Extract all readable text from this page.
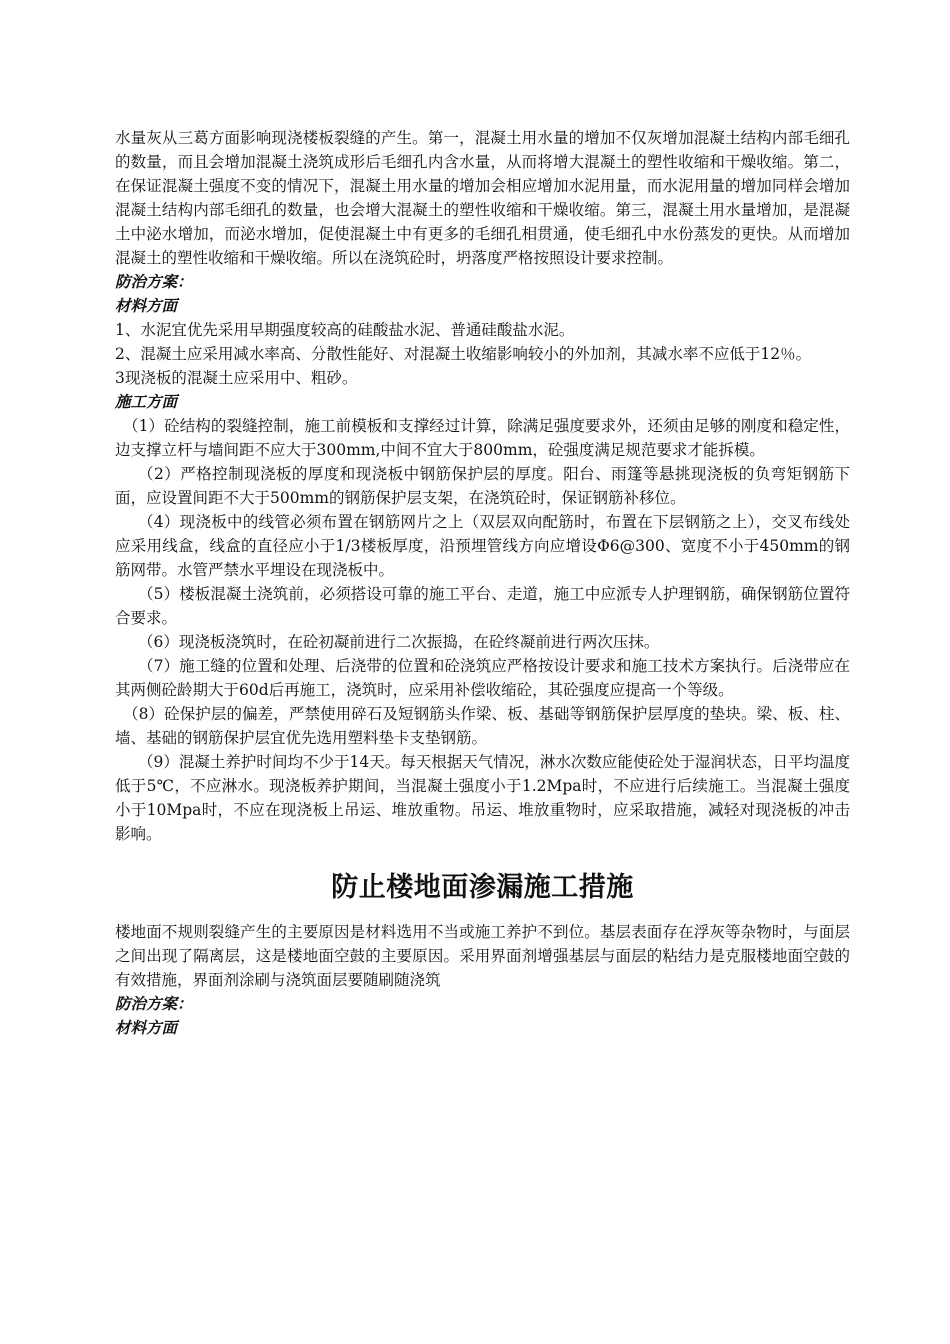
水量灰从三葛方面影响现浇楼板裂缝的产生。第一，混凝土用水量的增加不仅灰增加混凝土结构内部毛细孔的数量，而且会增加混凝土浇筑成形后毛细孔内含水量，从而将增大混凝土的塑性收缩和干燥收缩。第二，在保证混凝土强度不变的情况下，混凝土用水量的增加会相应增加水泥用量，而水泥用量的增加同样会增加混凝土结构内部毛细孔的数量，也会增大混凝土的塑性收缩和干燥收缩。第三，混凝土用水量增加，是混凝土中泌水增加，而泌水增加，促使混凝土中有更多的毛细孔相贯通，使毛细孔中水份蒸发的更快。从而增加混凝土的塑性收缩和干燥收缩。所以在浇筑砼时，坍落度严格按照设计要求控制。

防治方案：
材料方面

1、水泥宜优先采用早期强度较高的硅酸盐水泥、普通硅酸盐水泥。

2、混凝土应采用减水率高、分散性能好、对混凝土收缩影响较小的外加剂，其减水率不应低于12％。

3现浇板的混凝土应采用中、粗砂。

施工方面

（1）砼结构的裂缝控制，施工前模板和支撑经过计算，除满足强度要求外，还须由足够的刚度和稳定性，边支撑立杆与墙间距不应大于300mm,中间不宜大于800mm，砼强度满足规范要求才能拆模。

（2）严格控制现浇板的厚度和现浇板中钢筋保护层的厚度。阳台、雨篷等悬挑现浇板的负弯矩钢筋下面，应设置间距不大于500mm的钢筋保护层支架，在浇筑砼时，保证钢筋补移位。

（4）现浇板中的线管必须布置在钢筋网片之上（双层双向配筋时，布置在下层钢筋之上），交叉布线处应采用线盒，线盒的直径应小于1/3楼板厚度，沿预埋管线方向应增设Φ6@300、宽度不小于450mm的钢筋网带。水管严禁水平埋设在现浇板中。

（5）楼板混凝土浇筑前，必须搭设可靠的施工平台、走道，施工中应派专人护理钢筋，确保钢筋位置符合要求。

（6）现浇板浇筑时，在砼初凝前进行二次振捣，在砼终凝前进行两次压抹。

（7）施工缝的位置和处理、后浇带的位置和砼浇筑应严格按设计要求和施工技术方案执行。后浇带应在其两侧砼龄期大于60d后再施工，浇筑时，应采用补偿收缩砼，其砼强度应提高一个等级。

（8）砼保护层的偏差，严禁使用碎石及短钢筋头作梁、板、基础等钢筋保护层厚度的垫块。梁、板、柱、墙、基础的钢筋保护层宜优先选用塑料垫卡支垫钢筋。

（9）混凝土养护时间均不少于14天。每天根据天气情况，淋水次数应能使砼处于湿润状态，日平均温度低于5℃，不应淋水。现浇板养护期间，当混凝土强度小于1.2Mpa时，不应进行后续施工。当混凝土强度小于10Mpa时，不应在现浇板上吊运、堆放重物。吊运、堆放重物时，应采取措施，减轻对现浇板的冲击影响。

防止楼地面渗漏施工措施

楼地面不规则裂缝产生的主要原因是材料选用不当或施工养护不到位。基层表面存在浮灰等杂物时，与面层之间出现了隔离层，这是楼地面空鼓的主要原因。采用界面剂增强基层与面层的粘结力是克服楼地面空鼓的有效措施，界面剂涂刷与浇筑面层要随刷随浇筑

防治方案：
材料方面
